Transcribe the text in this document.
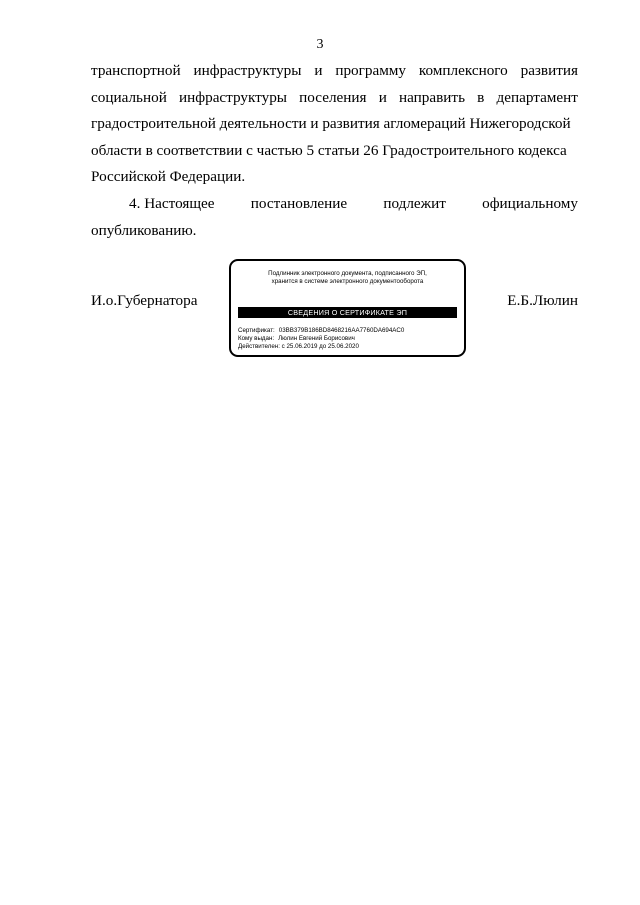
3
транспортной инфраструктуры и программу комплексного развития
социальной инфраструктуры поселения и направить в департамент
градостроительной деятельности и развития агломераций Нижегородской
области в соответствии с частью 5 статьи 26 Градостроительного кодекса
Российской Федерации.
4. Настоящее постановление подлежит официальному
опубликованию.
И.о.Губернатора	Е.Б.Люлин
Подлинник электронного документа, подписанного ЭП,
хранится в системе электронного документооборота
СВЕДЕНИЯ О СЕРТИФИКАТЕ ЭП
Сертификат: 03BB379B186BD8468216AA7760DA694AC0
Кому выдан: Люлин Евгений Борисович
Действителен: с 25.06.2019 до 25.06.2020
